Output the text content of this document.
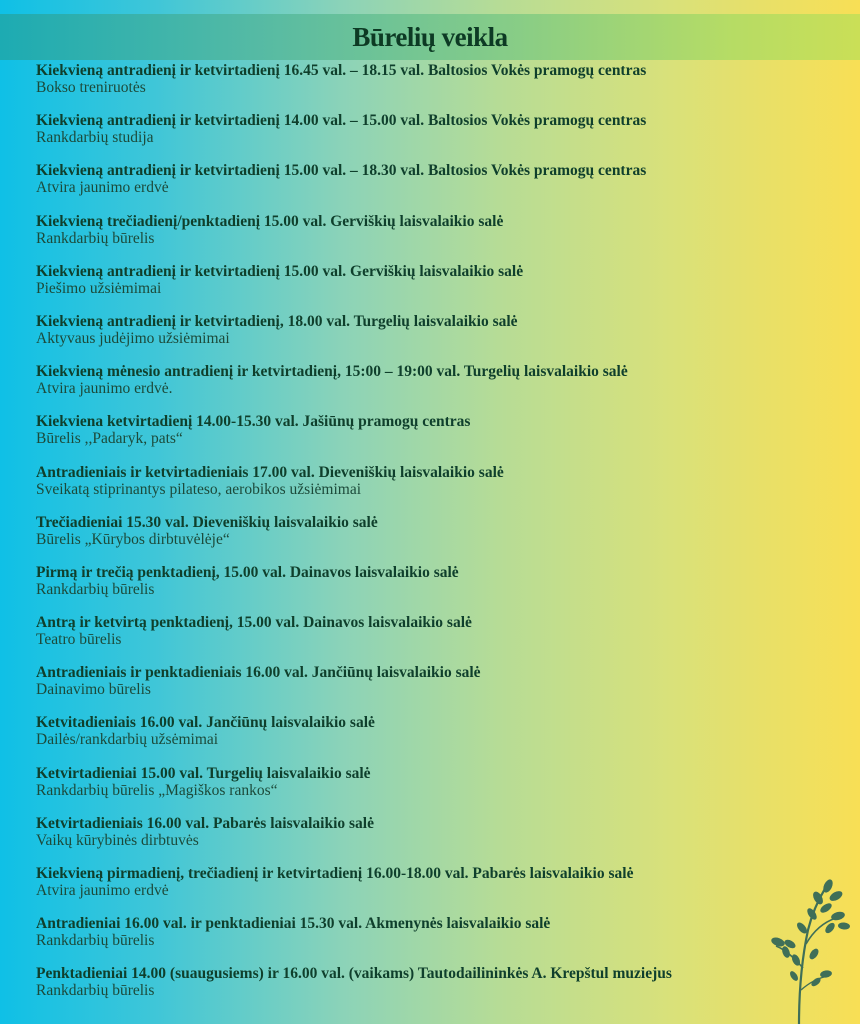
Būrelių veikla
Kiekvieną antradienį ir ketvirtadienį 16.45 val. – 18.15 val. Baltosios Vokės pramogų centras
Bokso treniruotės
Kiekvieną antradienį ir ketvirtadienį 14.00 val. – 15.00 val. Baltosios Vokės pramogų centras
Rankdarbių studija
Kiekvieną antradienį ir ketvirtadienį 15.00 val. – 18.30 val. Baltosios Vokės pramogų centras
Atvira jaunimo erdvė
Kiekvieną trečiadienį/penktadienį 15.00 val. Gerviškių laisvalaikio salė
Rankdarbių būrelis
Kiekvieną antradienį ir ketvirtadienį 15.00 val. Gerviškių laisvalaikio salė
Piešimo užsiėmimai
Kiekvieną antradienį ir ketvirtadienį, 18.00 val. Turgelių laisvalaikio salė
Aktyvaus judėjimo užsiėmimai
Kiekvieną mėnesio antradienį ir ketvirtadienį, 15:00 – 19:00 val. Turgelių laisvalaikio salė
Atvira jaunimo erdvė.
Kiekviena ketvirtadienį 14.00-15.30 val. Jašiūnų pramogų centras
Būrelis ,,Padaryk, pats“
Antradieniais ir ketvirtadieniais 17.00 val. Dieveniškių laisvalaikio salė
Sveikatą stiprinantys pilateso, aerobikos užsiėmimai
Trečiadieniai 15.30 val. Dieveniškių laisvalaikio salė
Būrelis „Kūrybos dirbtuvėlėje“
Pirmą ir trečią penktadienį, 15.00 val. Dainavos laisvalaikio salė
Rankdarbių būrelis
Antrą ir ketvirtą penktadienį, 15.00 val. Dainavos laisvalaikio salė
Teatro būrelis
Antradieniais ir penktadieniais 16.00 val. Jančiūnų laisvalaikio salė
Dainavimo būrelis
Ketvitadieniais 16.00 val. Jančiūnų laisvalaikio salė
Dailės/rankdarbių užsėmimai
Ketvirtadieniai 15.00 val. Turgelių laisvalaikio salė
Rankdarbių būrelis „Magiškos rankos“
Ketvirtadieniais 16.00 val. Pabarės laisvalaikio salė
Vaikų kūrybinės dirbtuvės
Kiekvieną pirmadienį, trečiadienį ir ketvirtadienį 16.00-18.00 val. Pabarės laisvalaikio salė
Atvira jaunimo erdvė
Antradieniai 16.00 val. ir penktadieniai 15.30 val. Akmenynės laisvalaikio salė
Rankdarbių būrelis
Penktadieniai 14.00 (suaugusiems) ir 16.00 val. (vaikams) Tautodailininkės A. Krepštul muziejus
Rankdarbių būrelis
